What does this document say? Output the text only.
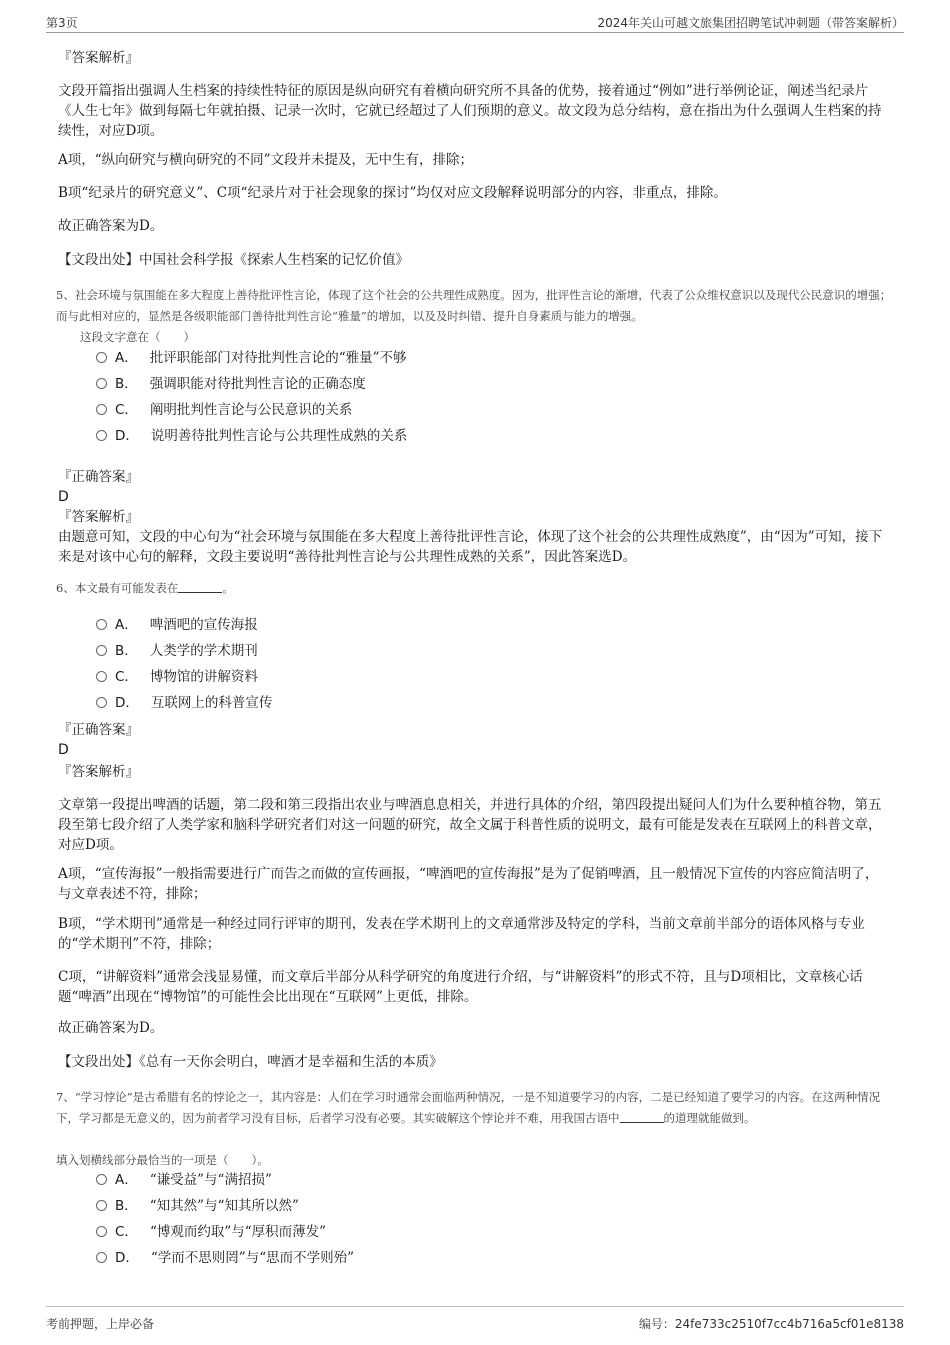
第3页	2024年关山可越文旅集团招聘笔试冲刺题（带答案解析）
『答案解析』
文段开篇指出强调人生档案的持续性特征的原因是纵向研究有着横向研究所不具备的优势，接着通过“例如”进行举例论证，阐述当纪录片《人生七年》做到每隔七年就拍摄、记录一次时，它就已经超过了人们预期的意义。故文段为总分结构，意在指出为什么强调人生档案的持续性，对应D项。
A项，“纵向研究与横向研究的不同”文段并未提及，无中生有，排除；
B项“纪录片的研究意义”、C项“纪录片对于社会现象的探讨”均仅对应文段解释说明部分的内容，非重点，排除。
故正确答案为D。
【文段出处】中国社会科学报《探索人生档案的记忆价值》
5、社会环境与氛围能在多大程度上善待批评性言论，体现了这个社会的公共理性成熟度。因为，批评性言论的渐增，代表了公众维权意识以及现代公民意识的增强；而与此相对应的，显然是各级职能部门善待批判性言论“雅量”的增加，以及及时纠错、提升自身素质与能力的增强。
这段文字意在（　　）
A． 批评职能部门对待批判性言论的“雅量”不够
B． 强调职能对待批判性言论的正确态度
C． 阐明批判性言论与公民意识的关系
D． 说明善待批判性言论与公共理性成熟的关系
『正确答案』
D
『答案解析』
由题意可知，文段的中心句为“社会环境与氛围能在多大程度上善待批评性言论，体现了这个社会的公共理性成熟度”，由“因为”可知，接下来是对该中心句的解释，文段主要说明“善待批判性言论与公共理性成熟的关系”，因此答案选D。
6、本文最有可能发表在	。
A． 啤酒吧的宣传海报
B． 人类学的学术期刊
C． 博物馆的讲解资料
D． 互联网上的科普宣传
『正确答案』
D
『答案解析』
文章第一段提出啤酒的话题，第二段和第三段指出农业与啤酒息息相关，并进行具体的介绍，第四段提出疑问人们为什么要种植谷物，第五段至第七段介绍了人类学家和脑科学研究者们对这一问题的研究，故全文属于科普性质的说明文，最有可能是发表在互联网上的科普文章，对应D项。
A项，“宣传海报”一般指需要进行广而告之而做的宣传画报，“啤酒吧的宣传海报”是为了促销啤酒，且一般情况下宣传的内容应简洁明了，与文章表述不符，排除；
B项，“学术期刊”通常是一种经过同行评审的期刊，发表在学术期刊上的文章通常涉及特定的学科，当前文章前半部分的语体风格与专业的“学术期刊”不符，排除；
C项，“讲解资料”通常会浅显易懂，而文章后半部分从科学研究的角度进行介绍，与“讲解资料”的形式不符，且与D项相比，文章核心话题“啤酒”出现在“博物馆”的可能性会比出现在“互联网”上更低，排除。
故正确答案为D。
【文段出处】《总有一天你会明白，啤酒才是幸福和生活的本质》
7、“学习悖论”是古希腊有名的悖论之一，其内容是：人们在学习时通常会面临两种情况，一是不知道要学习的内容，二是已经知道了要学习的内容。在这两种情况下，学习都是无意义的，因为前者学习没有目标，后者学习没有必要。其实破解这个悖论并不难，用我国古语中	的道理就能做到。
填入划横线部分最恰当的一项是（　　）。
A． “谦受益”与“满招损”
B． “知其然”与“知其所以然”
C． “博观而约取”与“厚积而薄发”
D． “学而不思则罔”与“思而不学则殆”
考前押题，上岸必备	编号：24fe733c2510f7cc4b716a5cf01e8138
